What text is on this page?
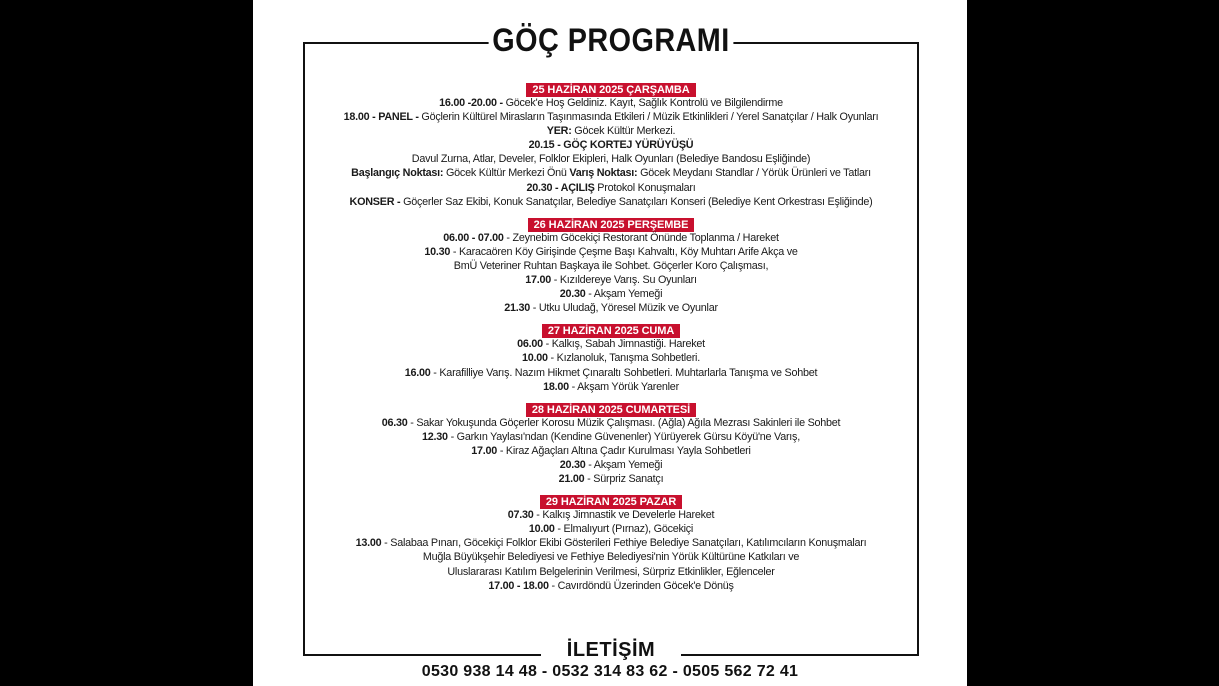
GÖÇ PROGRAMI
25 HAZİRAN 2025 ÇARŞAMBA
16.00 -20.00 - Göcek'e Hoş Geldiniz. Kayıt, Sağlık Kontrolü ve Bilgilendirme
18.00 - PANEL - Göçlerin Kültürel Mirasların Taşınmasında Etkileri / Müzik Etkinlikleri / Yerel Sanatçılar / Halk Oyunları
YER: Göcek Kültür Merkezi.
20.15 - GÖÇ KORTEJ YÜRÜYÜŞÜ
Davul Zurna, Atlar, Develer, Folklor Ekipleri, Halk Oyunları (Belediye Bandosu Eşliğinde)
Başlangıç Noktası: Göcek Kültür Merkezi Önü Varış Noktası: Göcek Meydanı Standlar / Yörük Ürünleri ve Tatları
20.30 - AÇILIŞ Protokol Konuşmaları
KONSER - Göçerler Saz Ekibi, Konuk Sanatçılar, Belediye Sanatçıları Konseri (Belediye Kent Orkestrası Eşliğinde)
26 HAZİRAN 2025 PERŞEMBE
06.00 - 07.00 - Zeynebim Göcekiçi Restorant Önünde Toplanma / Hareket
10.30 - Karacaören Köy Girişinde Çeşme Başı Kahvaltı, Köy Muhtarı Arife Akça ve
BmÜ Veteriner Ruhtan Başkaya ile Sohbet. Göçerler Koro Çalışması,
17.00 - Kızıldereye Varış. Su Oyunları
20.30 - Akşam Yemeği
21.30 - Utku Uludağ, Yöresel Müzik ve Oyunlar
27 HAZİRAN 2025 CUMA
06.00 - Kalkış, Sabah Jimnastiği. Hareket
10.00 - Kızlanoluk, Tanışma Sohbetleri.
16.00 - Karafilliye Varış. Nazım Hikmet Çınaraltı Sohbetleri. Muhtarlarla Tanışma ve Sohbet
18.00 - Akşam Yörük Yarenler
28 HAZİRAN 2025 CUMARTESİ
06.30 - Sakar Yokuşunda Göçerler Korosu Müzik Çalışması. (Ağla) Ağıla Mezrası Sakinleri ile Sohbet
12.30 - Garkın Yaylası'ndan (Kendine Güvenenler) Yürüyerek Gürsu Köyü'ne Varış,
17.00 - Kiraz Ağaçları Altına Çadır Kurulması Yayla Sohbetleri
20.30 - Akşam Yemeği
21.00 - Sürpriz Sanatçı
29 HAZİRAN 2025 PAZAR
07.30 - Kalkış Jimnastik ve Develerle Hareket
10.00 - Elmalıyurt (Pırnaz), Göcekiçi
13.00 - Salabaa Pınarı, Göcekiçi Folklor Ekibi Gösterileri Fethiye Belediye Sanatçıları, Katılımcıların Konuşmaları
Muğla Büyükşehir Belediyesi ve Fethiye Belediyesi'nin Yörük Kültürüne Katkıları ve
Uluslararası Katılım Belgelerinin Verilmesi, Sürpriz Etkinlikler, Eğlenceler
17.00 - 18.00 - Cavırdöndü Üzerinden Göcek'e Dönüş
İLETİŞİM
0530 938 14 48 - 0532 314 83 62 - 0505 562 72 41
